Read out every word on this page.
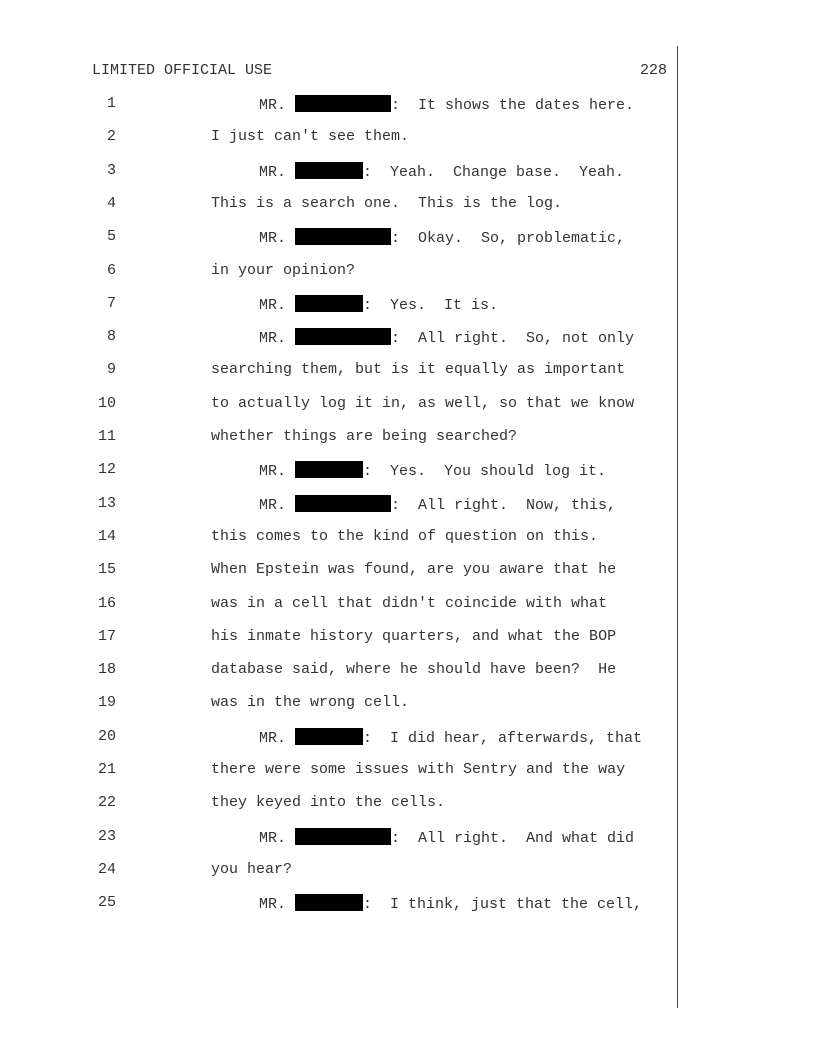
LIMITED OFFICIAL USE	228
1	MR.	:  It shows the dates here.
2	I just can't see them.
3	MR.	:  Yeah.  Change base.  Yeah.
4	This is a search one.  This is the log.
5	MR.	:  Okay.  So, problematic,
6	in your opinion?
7	MR.	:  Yes.  It is.
8	MR.	:  All right.  So, not only
9	searching them, but is it equally as important
10	to actually log it in, as well, so that we know
11	whether things are being searched?
12	MR.	:  Yes.  You should log it.
13	MR.	:  All right.  Now, this,
14	this comes to the kind of question on this.
15	When Epstein was found, are you aware that he
16	was in a cell that didn't coincide with what
17	his inmate history quarters, and what the BOP
18	database said, where he should have been?  He
19	was in the wrong cell.
20	MR.	:  I did hear, afterwards, that
21	there were some issues with Sentry and the way
22	they keyed into the cells.
23	MR.	:  All right.  And what did
24	you hear?
25	MR.	:  I think, just that the cell,
